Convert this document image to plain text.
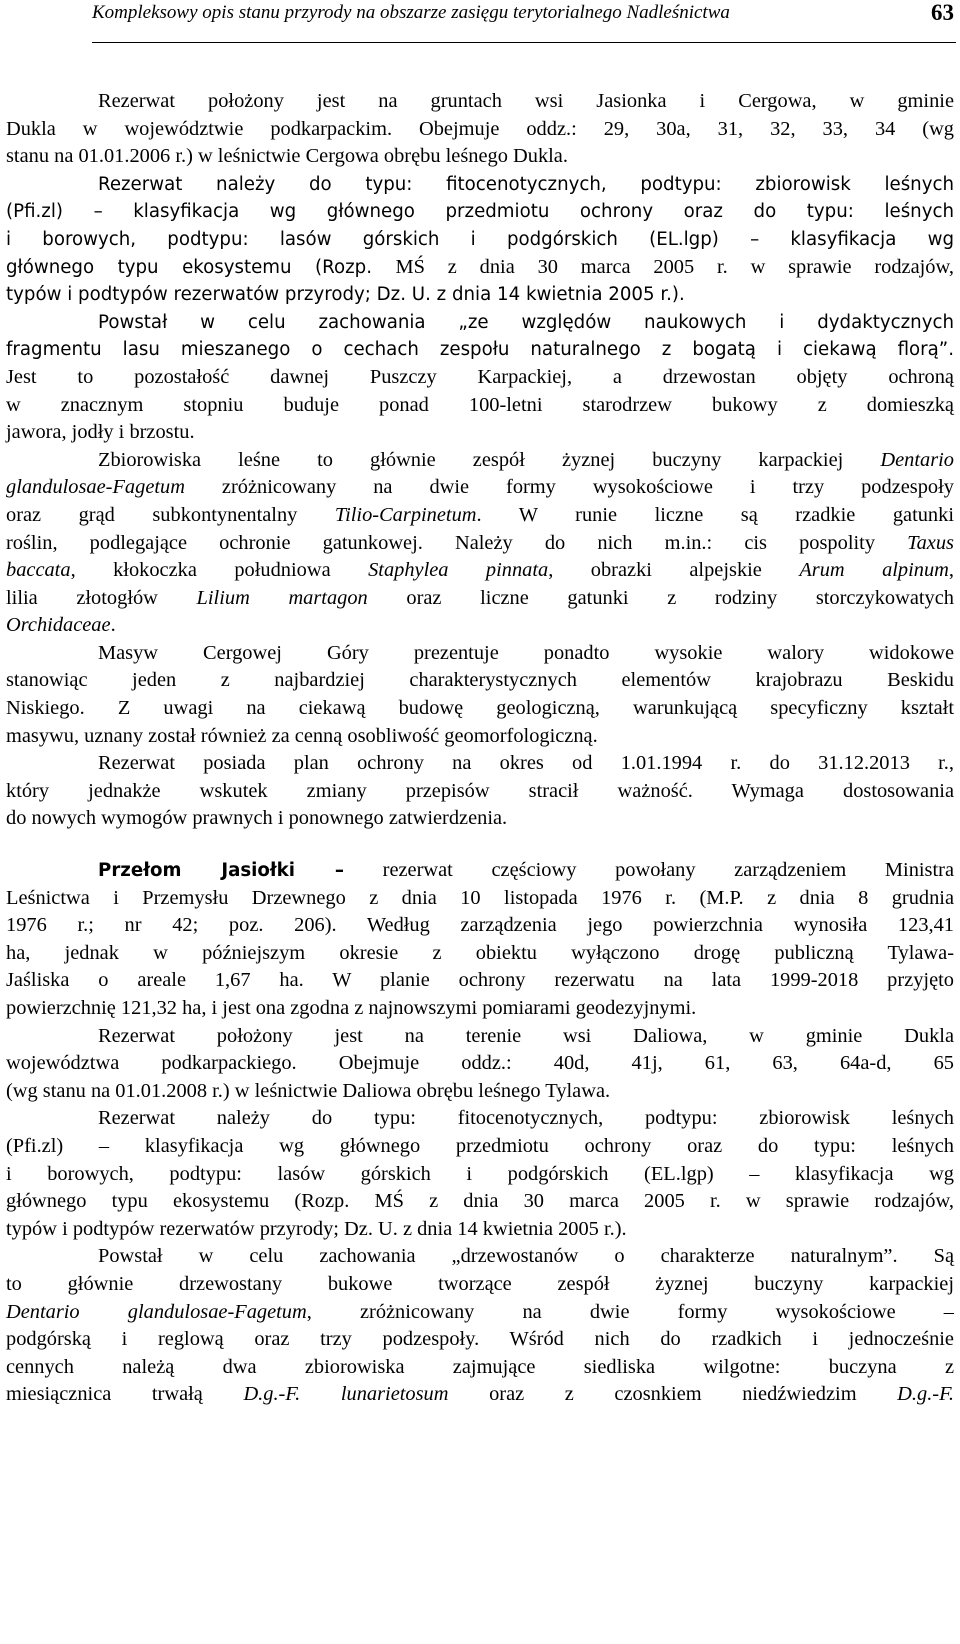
Kompleksowy opis stanu przyrody na obszarze zasięgu terytorialnego Nadleśnictwa	63
Rezerwat położony jest na gruntach wsi Jasionka i Cergowa, w gminie
Dukla w województwie podkarpackim. Obejmuje oddz.: 29, 30a, 31, 32, 33, 34 (wg
stanu na 01.01.2006 r.) w leśnictwie Cergowa obrębu leśnego Dukla.
Rezerwat należy do typu: fitocenotycznych, podtypu: zbiorowisk leśnych
(Pfi.zl) – klasyfikacja wg głównego przedmiotu ochrony oraz do typu: leśnych
i borowych, podtypu: lasów górskich i podgórskich (EL.lgp) – klasyfikacja wg
głównego typu ekosystemu (Rozp. MŚ z dnia 30 marca 2005 r. w sprawie rodzajów,
typów i podtypów rezerwatów przyrody; Dz. U. z dnia 14 kwietnia 2005 r.).
Powstał w celu zachowania „ze względów naukowych i dydaktycznych
fragmentu lasu mieszanego o cechach zespołu naturalnego z bogatą i ciekawą florą”.
Jest to pozostałość dawnej Puszczy Karpackiej, a drzewostan objęty ochroną
w znacznym stopniu buduje ponad 100-letni starodrzew bukowy z domieszką
jawora, jodły i brzostu.
Zbiorowiska leśne to głównie zespół żyznej buczyny karpackiej Dentario
glandulosae-Fagetum zróżnicowany na dwie formy wysokościowe i trzy podzespoły
oraz grąd subkontynentalny Tilio-Carpinetum. W runie liczne są rzadkie gatunki
roślin, podlegające ochronie gatunkowej. Należy do nich m.in.: cis pospolity Taxus
baccata, kłokoczka południowa Staphylea pinnata, obrazki alpejskie Arum alpinum,
lilia złotogłów Lilium martagon oraz liczne gatunki z rodziny storczykowatych
Orchidaceae.
Masyw Cergowej Góry prezentuje ponadto wysokie walory widokowe
stanowiąc jeden z najbardziej charakterystycznych elementów krajobrazu Beskidu
Niskiego. Z uwagi na ciekawą budowę geologiczną, warunkującą specyficzny kształt
masywu, uznany został również za cenną osobliwość geomorfologiczną.
Rezerwat posiada plan ochrony na okres od 1.01.1994 r. do 31.12.2013 r.,
który jednakże wskutek zmiany przepisów stracił ważność. Wymaga dostosowania
do nowych wymogów prawnych i ponownego zatwierdzenia.
Przełom Jasiołki – rezerwat częściowy powołany zarządzeniem Ministra
Leśnictwa i Przemysłu Drzewnego z dnia 10 listopada 1976 r. (M.P. z dnia 8 grudnia
1976 r.; nr 42; poz. 206). Według zarządzenia jego powierzchnia wynosiła 123,41
ha, jednak w późniejszym okresie z obiektu wyłączono drogę publiczną Tylawa-
Jaśliska o areale 1,67 ha. W planie ochrony rezerwatu na lata 1999-2018 przyjęto
powierzchnię 121,32 ha, i jest ona zgodna z najnowszymi pomiarami geodezyjnymi.
Rezerwat położony jest na terenie wsi Daliowa, w gminie Dukla
województwa podkarpackiego. Obejmuje oddz.: 40d, 41j, 61, 63, 64a-d, 65
(wg stanu na 01.01.2008 r.) w leśnictwie Daliowa obrębu leśnego Tylawa.
Rezerwat należy do typu: fitocenotycznych, podtypu: zbiorowisk leśnych
(Pfi.zl) – klasyfikacja wg głównego przedmiotu ochrony oraz do typu: leśnych
i borowych, podtypu: lasów górskich i podgórskich (EL.lgp) – klasyfikacja wg
głównego typu ekosystemu (Rozp. MŚ z dnia 30 marca 2005 r. w sprawie rodzajów,
typów i podtypów rezerwatów przyrody; Dz. U. z dnia 14 kwietnia 2005 r.).
Powstał w celu zachowania „drzewostanów o charakterze naturalnym”. Są
to głównie drzewostany bukowe tworzące zespół żyznej buczyny karpackiej
Dentario glandulosae-Fagetum, zróżnicowany na dwie formy wysokościowe –
podgórską i reglową oraz trzy podzespoły. Wśród nich do rzadkich i jednocześnie
cennych należą dwa zbiorowiska zajmujące siedliska wilgotne: buczyna z
miesiącznica trwałą D.g.-F. lunarietosum oraz z czosnkiem niedźwiedzim D.g.-F.
